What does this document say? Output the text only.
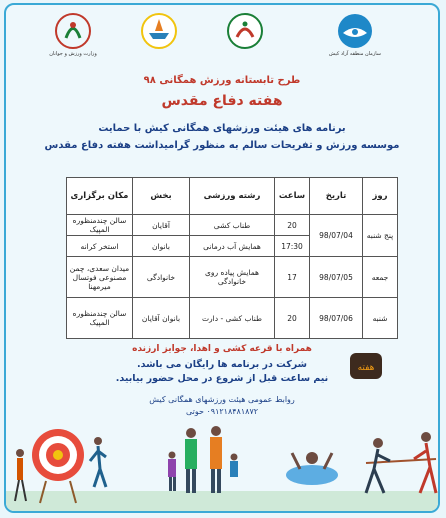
وزارت ورزش و جوانان	سازمان منطقه آزاد کیش
طرح تابستانه ورزش همگانی ۹۸
هفته دفاع مقدس
برنامه های هیئت ورزشهای همگانی کیش با حمایت
موسسه ورزش و تفریحات سالم به منظور گرامیداشت هفته دفاع مقدس
روز	تاریخ	ساعت	رشته ورزشی	بخش	مکان برگزاری
پنج شنبه	98/07/04	20	طناب کشی	آقایان	سالن چندمنظوره المپیک
		17:30	همایش آب درمانی	بانوان	استخر کرانه
جمعه	98/07/05	17	همایش پیاده روی خانوادگی	خانوادگی	میدان سعدی، چمن مصنوعی فوتسال میرمهنا
شنبه	98/07/06	20	طناب کشی - دارت	بانوان آقایان	سالن چندمنظوره المپیک
همراه با قرعه کشی و اهدا، جوایز ارزنده
شرکت در برنامه ها رایگان می باشد.
نیم ساعت قبل از شروع در محل حضور بیابید.
هفته
روابط عمومی هیئت ورزشهای همگانی کیش
۰۹۱۲۱۸۴۸۱۸۷۲ حوتی
